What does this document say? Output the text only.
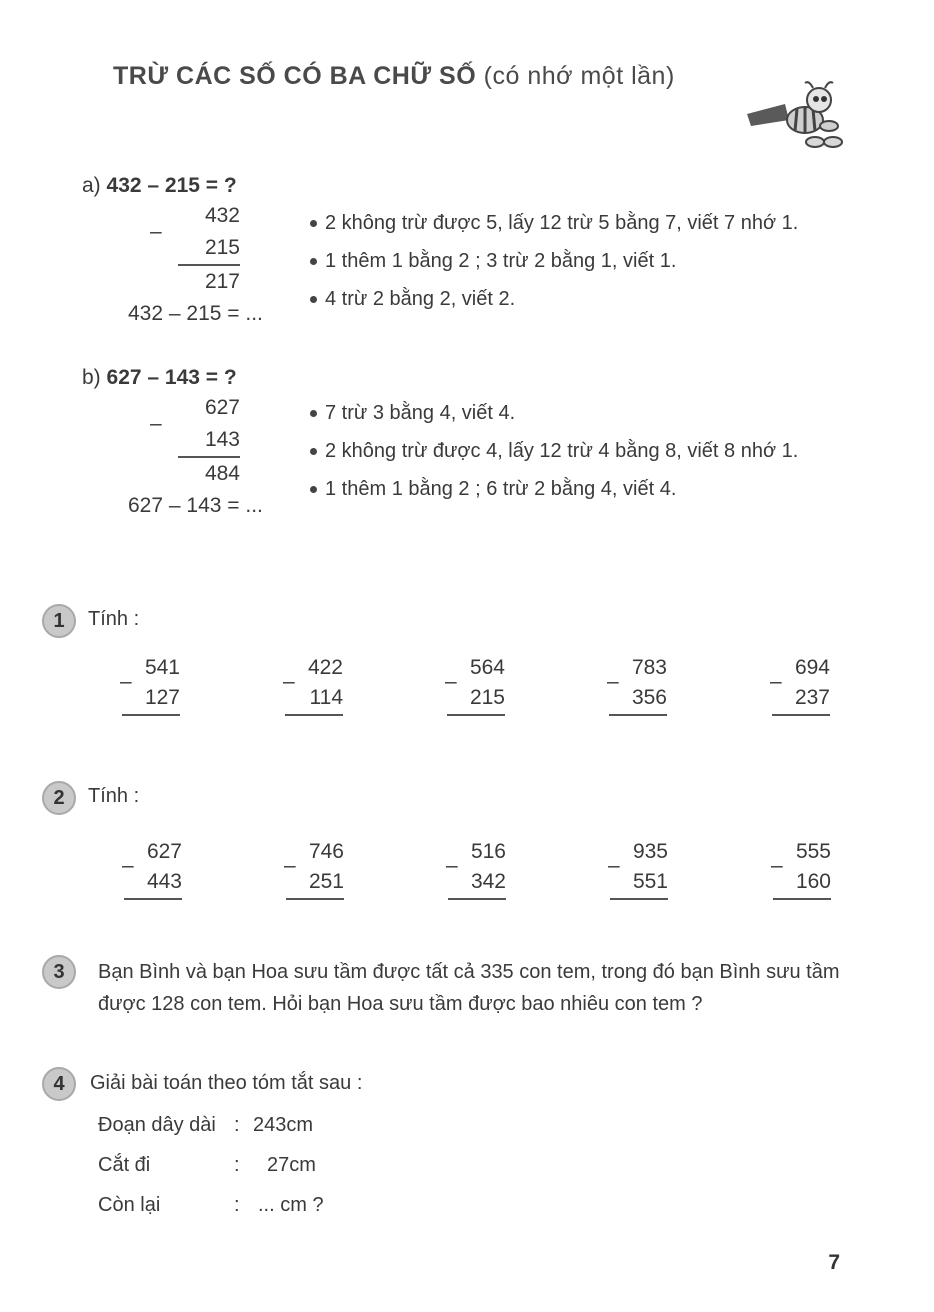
TRỪ CÁC SỐ CÓ BA CHỮ SỐ (có nhớ một lần)
a) 432 – 215 = ?
432
–
215
217
432 – 215 = ...
2 không trừ được 5, lấy 12 trừ 5 bằng 7, viết 7 nhớ 1.
1 thêm 1 bằng 2 ; 3 trừ 2 bằng 1, viết 1.
4 trừ 2 bằng 2, viết 2.
b) 627 – 143 = ?
627
–
143
484
627 – 143 = ...
7 trừ 3 bằng 4, viết 4.
2 không trừ được 4, lấy 12 trừ 4 bằng 8, viết 8 nhớ 1.
1 thêm 1 bằng 2 ; 6 trừ 2 bằng 4, viết 4.
1	Tính :
541
–
127
422
–
114
564
–
215
783
–
356
694
–
237
2	Tính :
627
–
443
746
–
251
516
–
342
935
–
551
555
–
160
3	Bạn Bình và bạn Hoa sưu tầm được tất cả 335 con tem, trong đó bạn Bình sưu tầm được 128 con tem. Hỏi bạn Hoa sưu tầm được bao nhiêu con tem ?
4	Giải bài toán theo tóm tắt sau :
Đoạn dây dài : 243cm
Cắt đi	: 27cm
Còn lại	: ... cm ?
7
